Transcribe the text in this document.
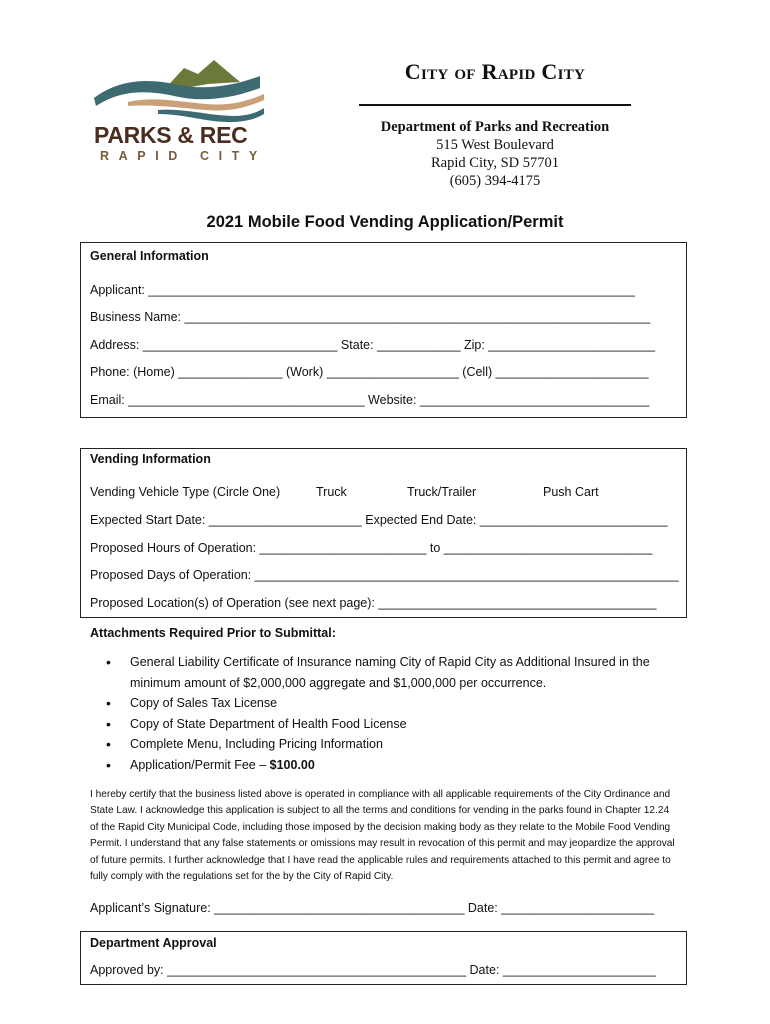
PARKS & REC
RAPID CITY
City of Rapid City
Department of Parks and Recreation
515 West Boulevard
Rapid City, SD 57701
(605) 394-4175
2021 Mobile Food Vending Application/Permit
General Information
Applicant: ______________________________________________________________________
Business Name: ___________________________________________________________________
Address: ____________________________ State: ____________ Zip: ________________________
Phone: (Home) _______________ (Work) ___________________ (Cell) ______________________
Email: __________________________________ Website: _________________________________
Vending Information
Vending Vehicle Type (Circle One)	Truck	Truck/Trailer	Push Cart
Expected Start Date: ______________________ Expected End Date: ___________________________
Proposed Hours of Operation: ________________________ to ______________________________
Proposed Days of Operation: _____________________________________________________________
Proposed Location(s) of Operation (see next page): ________________________________________
Attachments Required Prior to Submittal:
• General Liability Certificate of Insurance naming City of Rapid City as Additional Insured in the minimum amount of $2,000,000 aggregate and $1,000,000 per occurrence.
• Copy of Sales Tax License
• Copy of State Department of Health Food License
• Complete Menu, Including Pricing Information
• Application/Permit Fee – $100.00
I hereby certify that the business listed above is operated in compliance with all applicable requirements of the City Ordinance and State Law. I acknowledge this application is subject to all the terms and conditions for vending in the parks found in Chapter 12.24 of the Rapid City Municipal Code, including those imposed by the decision making body as they relate to the Mobile Food Vending Permit. I understand that any false statements or omissions may result in revocation of this permit and may jeopardize the approval of future permits. I further acknowledge that I have read the applicable rules and requirements attached to this permit and agree to fully comply with the regulations set for the by the City of Rapid City.
Applicant’s Signature: ____________________________________ Date: ______________________
Department Approval
Approved by: ___________________________________________ Date: ______________________
